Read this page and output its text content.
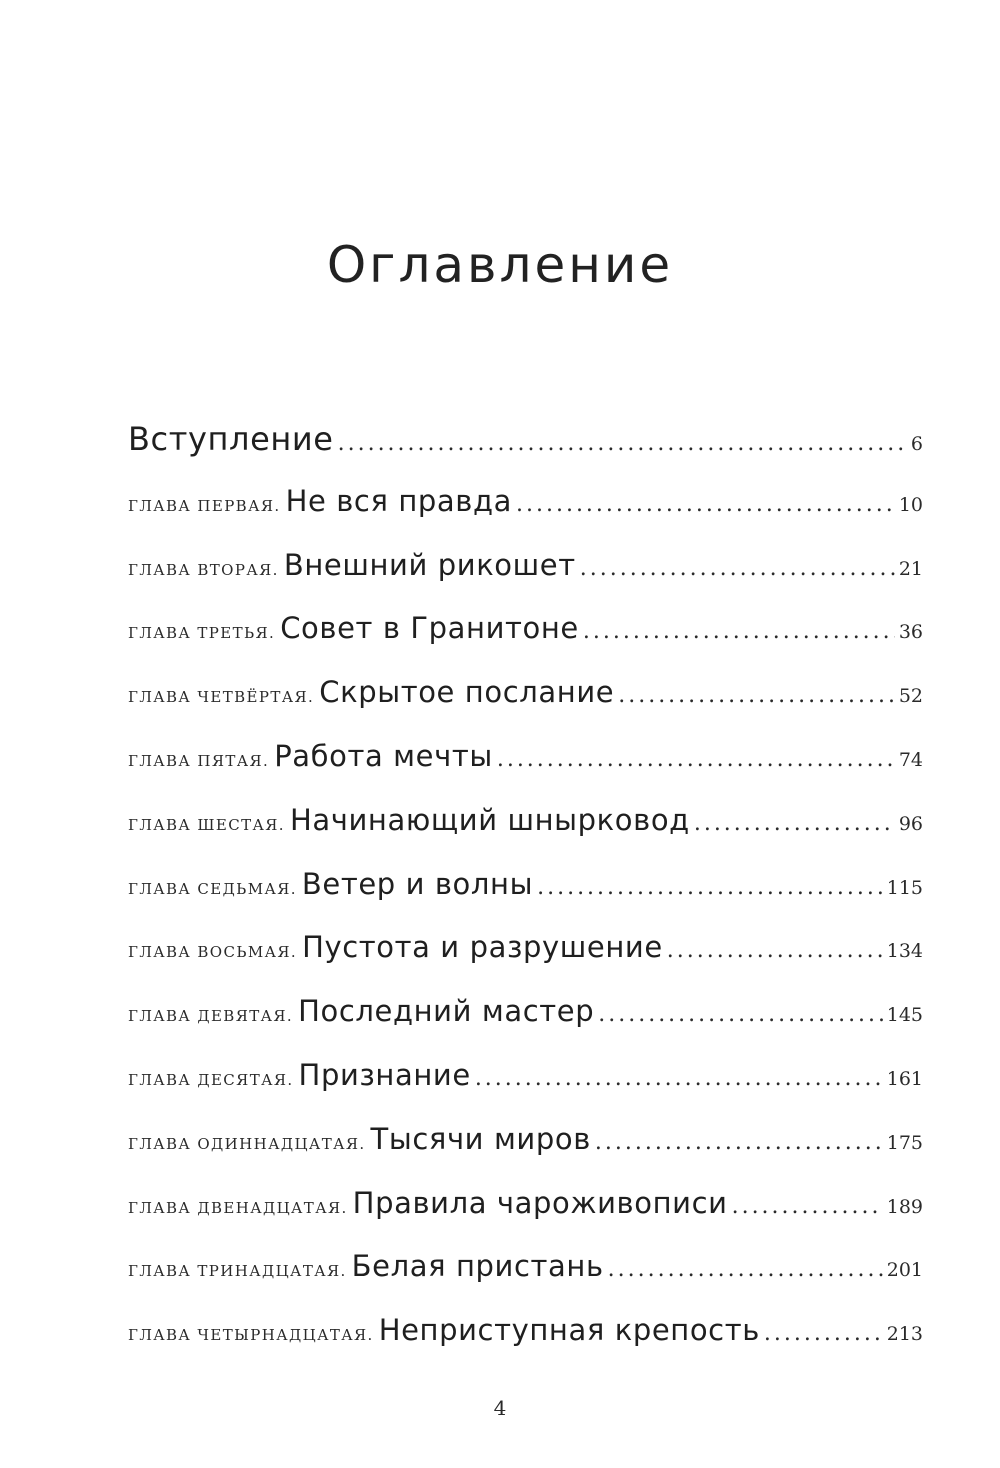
Оглавление
Вступление .....	6
ГЛАВА ПЕРВАЯ. Не вся правда .....	10
ГЛАВА ВТОРАЯ. Внешний рикошет .....	21
ГЛАВА ТРЕТЬЯ. Совет в Гранитоне .....	36
ГЛАВА ЧЕТВЁРТАЯ. Скрытое послание .....	52
ГЛАВА ПЯТАЯ. Работа мечты .....	74
ГЛАВА ШЕСТАЯ. Начинающий шнырковод .....	96
ГЛАВА СЕДЬМАЯ. Ветер и волны .....	115
ГЛАВА ВОСЬМАЯ. Пустота и разрушение .....	134
ГЛАВА ДЕВЯТАЯ. Последний мастер .....	145
ГЛАВА ДЕСЯТАЯ. Признание .....	161
ГЛАВА ОДИННАДЦАТАЯ. Тысячи миров .....	175
ГЛАВА ДВЕНАДЦАТАЯ. Правила чароживописи .....	189
ГЛАВА ТРИНАДЦАТАЯ. Белая пристань .....	201
ГЛАВА ЧЕТЫРНАДЦАТАЯ. Неприступная крепость .....	213

4
